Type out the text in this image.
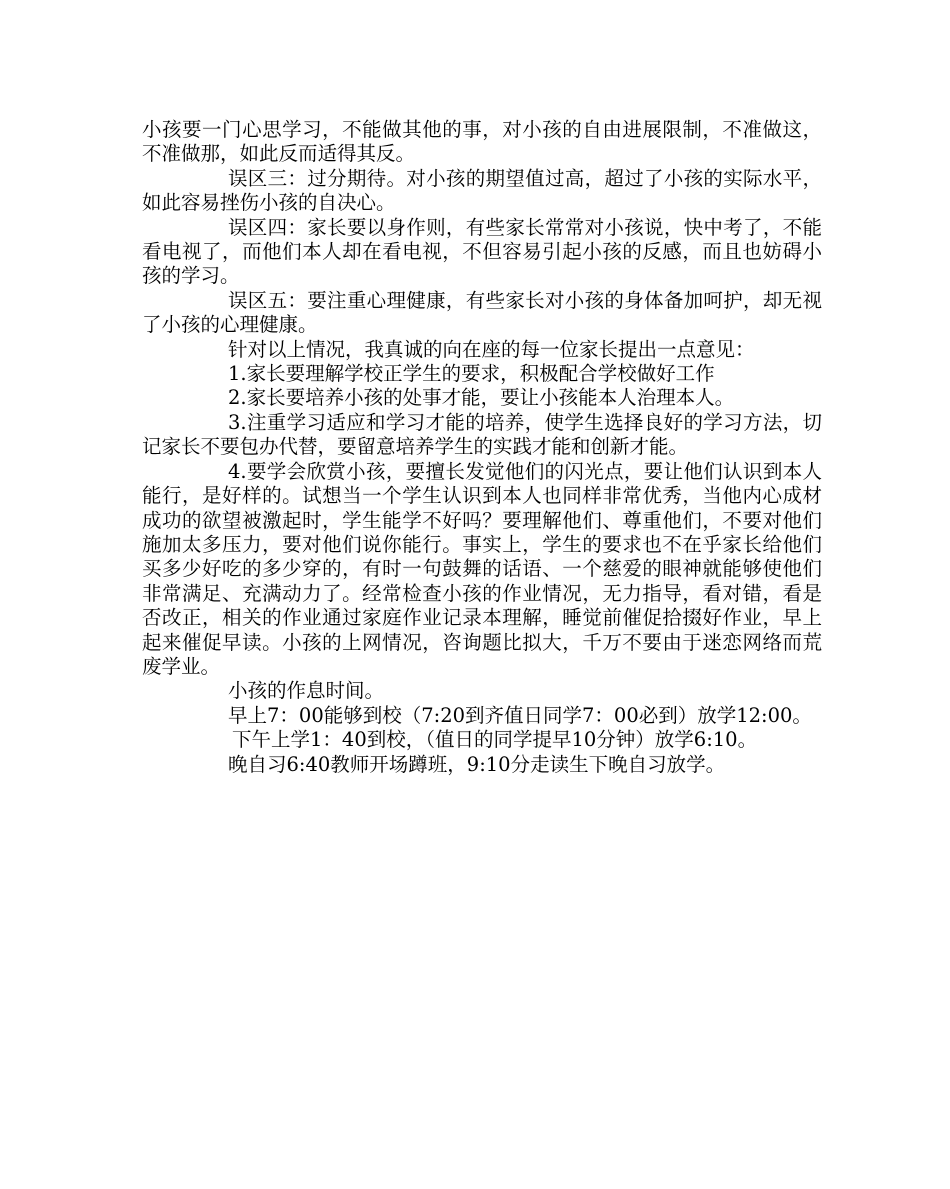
小孩要一门心思学习，不能做其他的事，对小孩的自由进展限制，不准做这，不准做那，如此反而适得其反。

误区三：过分期待。对小孩的期望值过高，超过了小孩的实际水平，如此容易挫伤小孩的自决心。

误区四：家长要以身作则，有些家长常常对小孩说，快中考了，不能看电视了，而他们本人却在看电视，不但容易引起小孩的反感，而且也妨碍小孩的学习。

误区五：要注重心理健康，有些家长对小孩的身体备加呵护，却无视了小孩的心理健康。

针对以上情况，我真诚的向在座的每一位家长提出一点意见：

1.家长要理解学校正学生的要求，积极配合学校做好工作

2.家长要培养小孩的处事才能，要让小孩能本人治理本人。

3.注重学习适应和学习才能的培养，使学生选择良好的学习方法，切记家长不要包办代替，要留意培养学生的实践才能和创新才能。

4.要学会欣赏小孩，要擅长发觉他们的闪光点，要让他们认识到本人能行，是好样的。试想当一个学生认识到本人也同样非常优秀，当他内心成材成功的欲望被激起时，学生能学不好吗？要理解他们、尊重他们，不要对他们施加太多压力，要对他们说你能行。事实上，学生的要求也不在乎家长给他们买多少好吃的多少穿的，有时一句鼓舞的话语、一个慈爱的眼神就能够使他们非常满足、充满动力了。经常检查小孩的作业情况，无力指导，看对错，看是否改正，相关的作业通过家庭作业记录本理解，睡觉前催促拾掇好作业，早上起来催促早读。小孩的上网情况，咨询题比拟大，千万不要由于迷恋网络而荒废学业。

小孩的作息时间。

早上7：00能够到校（7:20到齐值日同学7：00必到）放学12:00。

下午上学1：40到校，（值日的同学提早10分钟）放学6:10。

晚自习6:40教师开场蹲班，9:10分走读生下晚自习放学。
